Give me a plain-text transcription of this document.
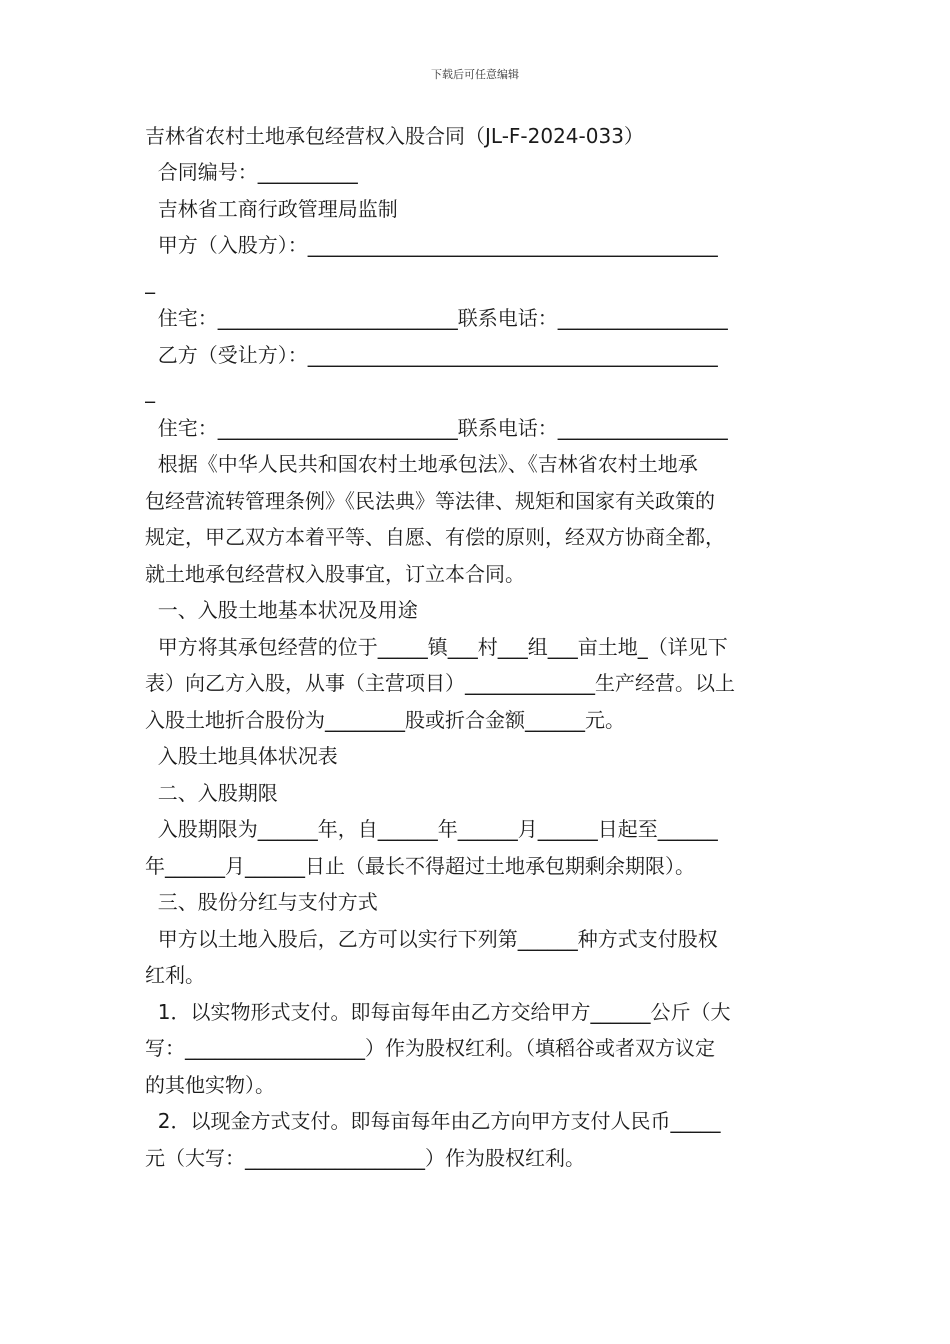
下载后可任意编辑
吉林省农村土地承包经营权入股合同（JL-F-2024-033）
合同编号：__________
吉林省工商行政管理局监制
甲方（入股方）：_________________________________________
_
住宅：________________________联系电话：_________________
乙方（受让方）：_________________________________________
_
住宅：________________________联系电话：_________________
根据《中华人民共和国农村土地承包法》、《吉林省农村土地承
包经营流转管理条例》《民法典》等法律、规矩和国家有关政策的
规定，甲乙双方本着平等、自愿、有偿的原则，经双方协商全都，
就土地承包经营权入股事宜，订立本合同。
一、入股土地基本状况及用途
甲方将其承包经营的位于_____镇___村___组___亩土地_（详见下
表）向乙方入股，从事（主营项目）_____________生产经营。以上
入股土地折合股份为________股或折合金额______元。
入股土地具体状况表
二、入股期限
入股期限为______年，自______年______月______日起至______
年______月______日止（最长不得超过土地承包期剩余期限）。
三、股份分红与支付方式
甲方以土地入股后，乙方可以实行下列第______种方式支付股权
红利。
1．以实物形式支付。即每亩每年由乙方交给甲方______公斤（大
写：__________________）作为股权红利。（填稻谷或者双方议定
的其他实物）。
2．以现金方式支付。即每亩每年由乙方向甲方支付人民币_____
元（大写：__________________）作为股权红利。
